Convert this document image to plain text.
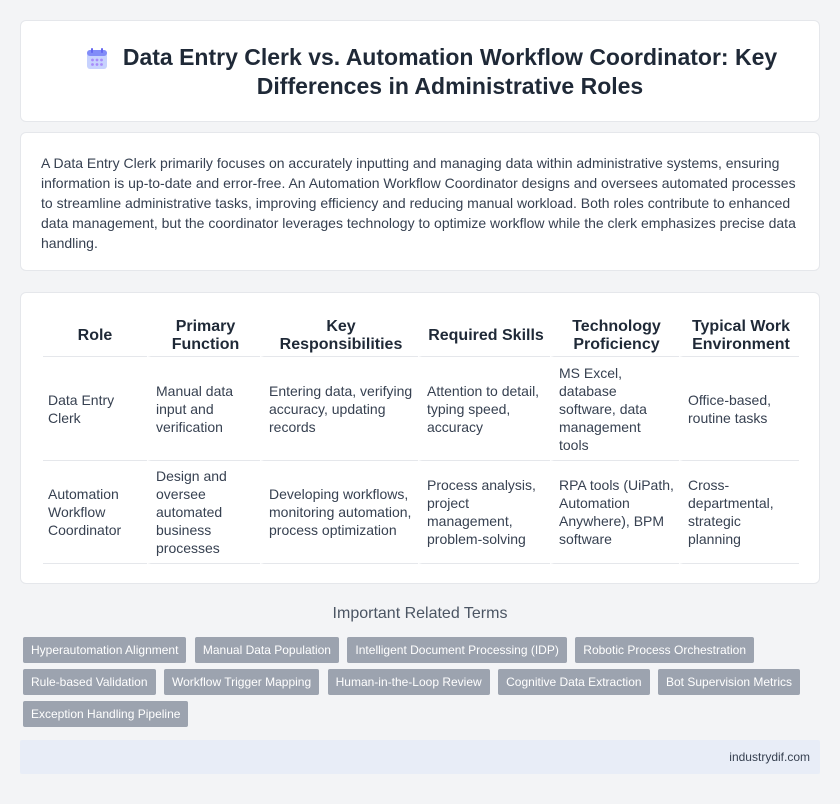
Data Entry Clerk vs. Automation Workflow Coordinator: Key Differences in Administrative Roles

A Data Entry Clerk primarily focuses on accurately inputting and managing data within administrative systems, ensuring information is up-to-date and error-free. An Automation Workflow Coordinator designs and oversees automated processes to streamline administrative tasks, improving efficiency and reducing manual workload. Both roles contribute to enhanced data management, but the coordinator leverages technology to optimize workflow while the clerk emphasizes precise data handling.

Role	Primary Function	Key Responsibilities	Required Skills	Technology Proficiency	Typical Work Environment
Data Entry Clerk	Manual data input and verification	Entering data, verifying accuracy, updating records	Attention to detail, typing speed, accuracy	MS Excel, database software, data management tools	Office-based, routine tasks
Automation Workflow Coordinator	Design and oversee automated business processes	Developing workflows, monitoring automation, process optimization	Process analysis, project management, problem-solving	RPA tools (UiPath, Automation Anywhere), BPM software	Cross-departmental, strategic planning
Important Related Terms
Hyperautomation Alignment Manual Data Population Intelligent Document Processing (IDP) Robotic Process Orchestration Rule-based Validation Workflow Trigger Mapping Human-in-the-Loop Review Cognitive Data Extraction Bot Supervision Metrics Exception Handling Pipeline
industrydif.com
